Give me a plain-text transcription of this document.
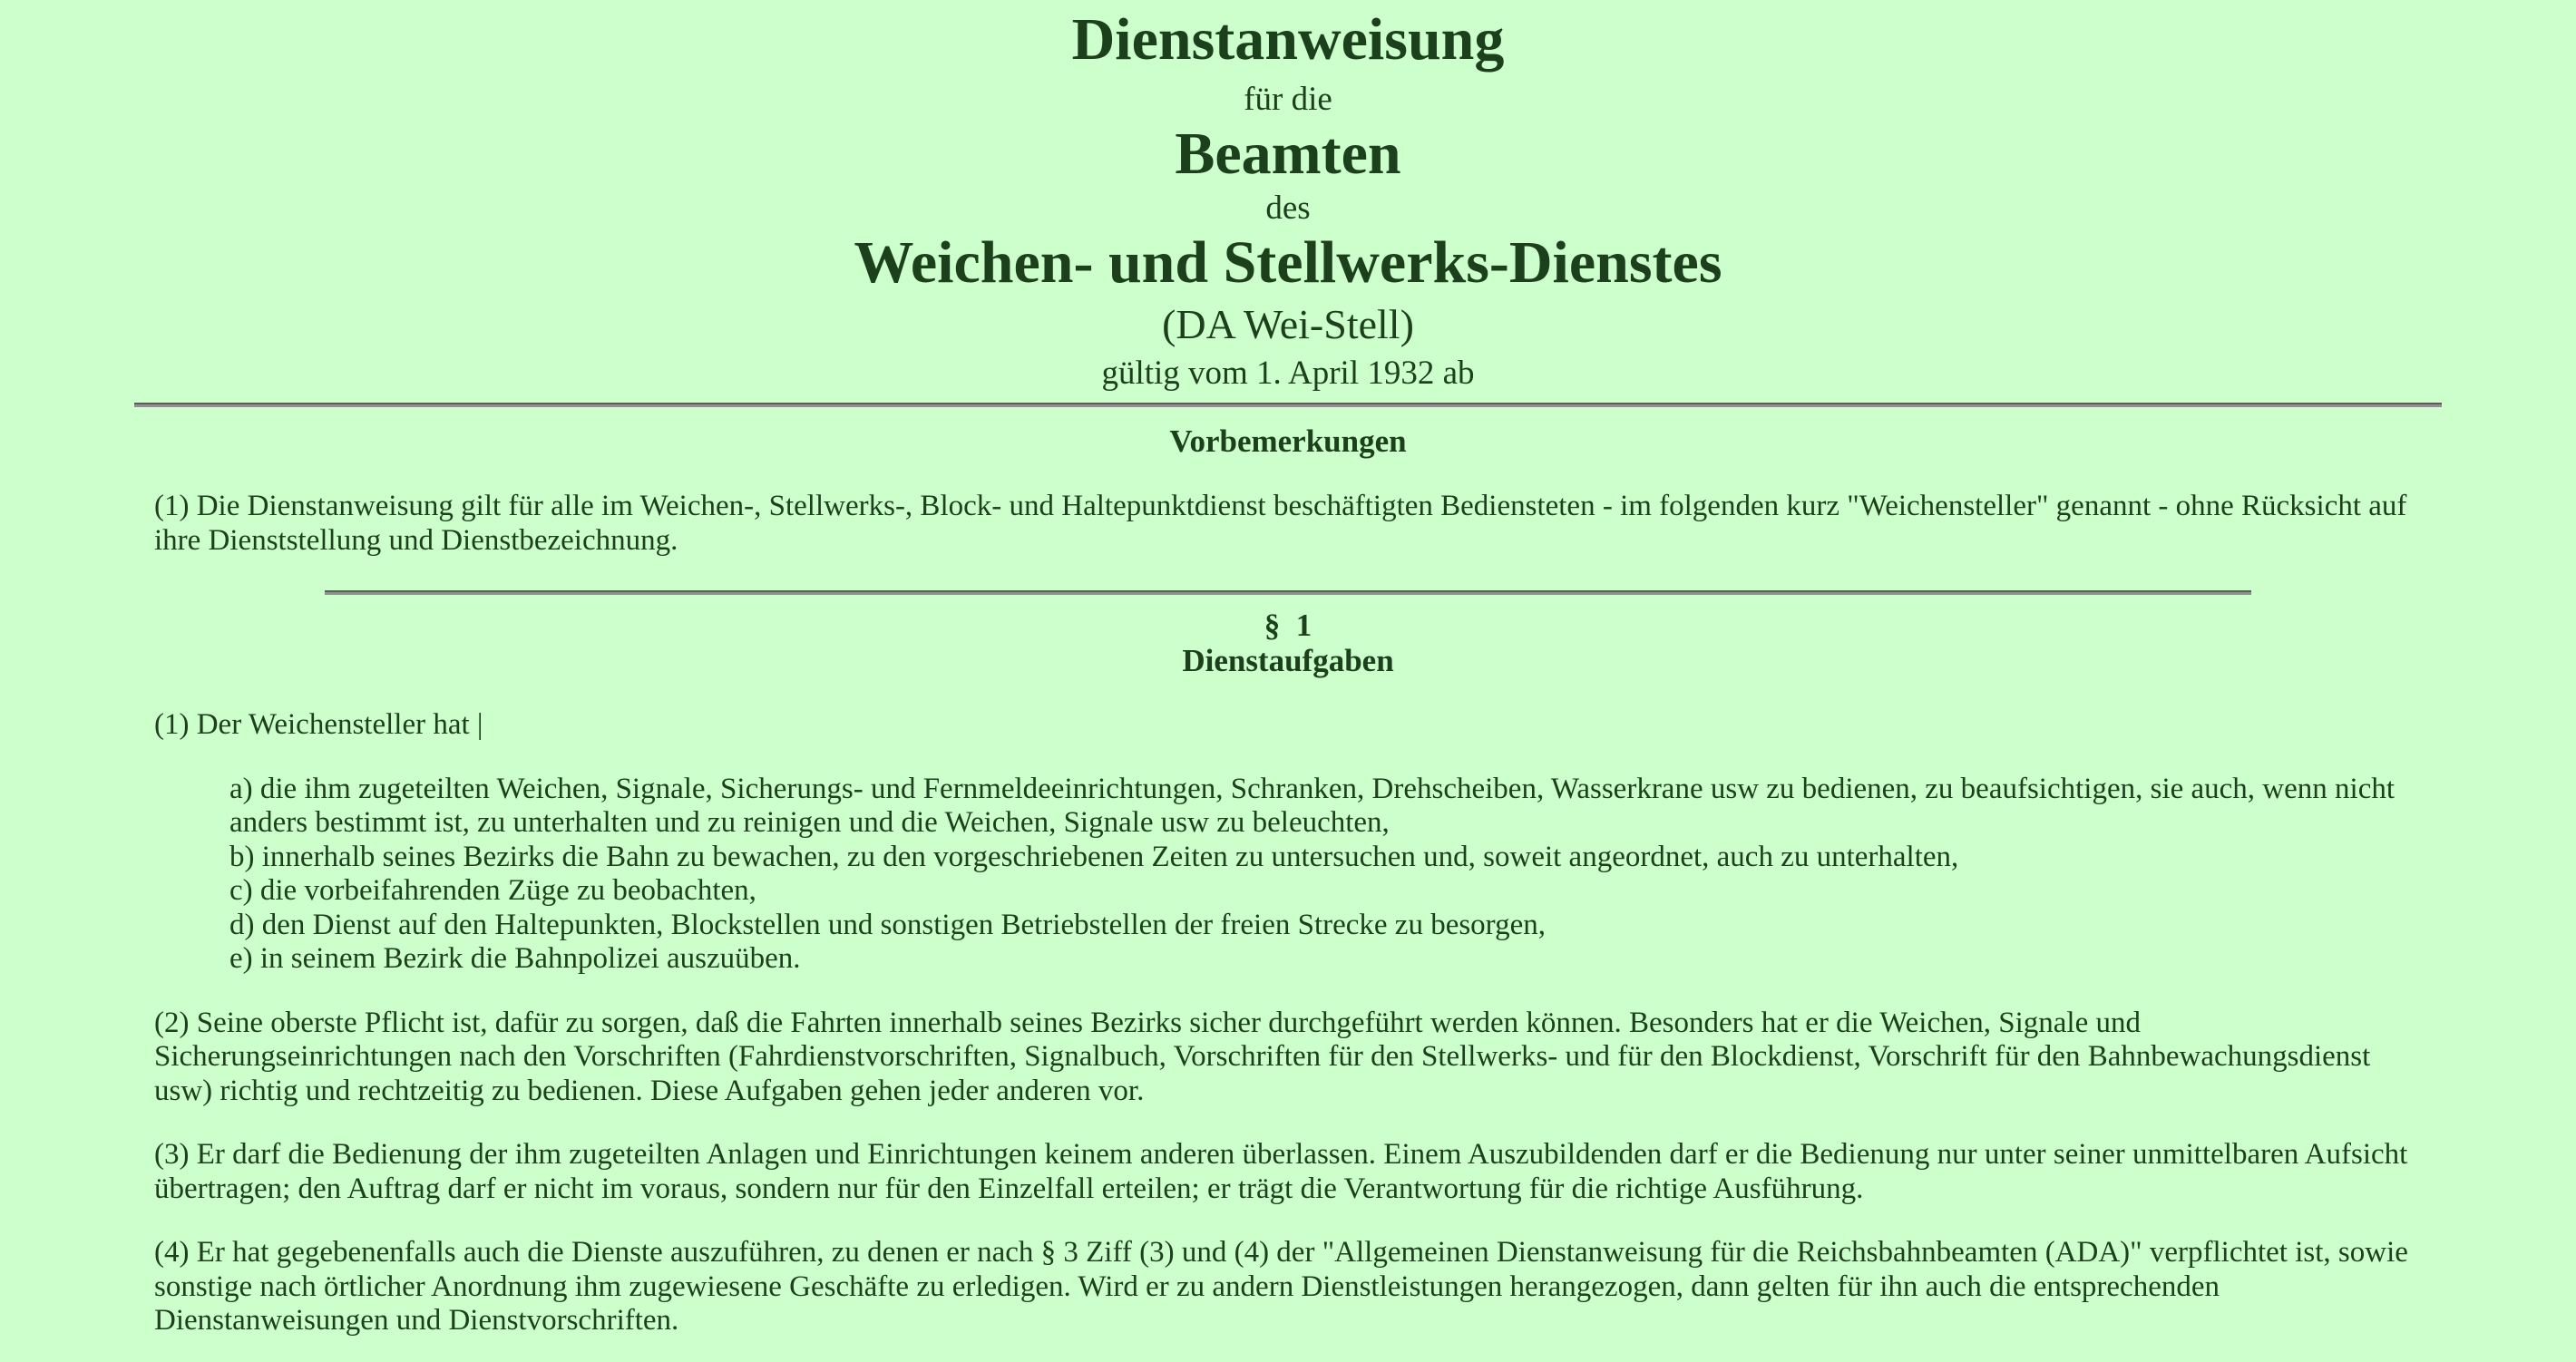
Dienstanweisung
für die
Beamten
des
Weichen- und Stellwerks-Dienstes
(DA Wei-Stell)
gültig vom 1. April 1932 ab
Vorbemerkungen

(1) Die Dienstanweisung gilt für alle im Weichen-, Stellwerks-, Block- und Haltepunktdienst beschäftigten Bediensteten - im folgenden kurz "Weichensteller" genannt - ohne Rücksicht auf ihre Dienststellung und Dienstbezeichnung.

§  1
Dienstaufgaben

(1) Der Weichensteller hat |

a) die ihm zugeteilten Weichen, Signale, Sicherungs- und Fernmeldeeinrichtungen, Schranken, Drehscheiben, Wasserkrane usw zu bedienen, zu beaufsichtigen, sie auch, wenn nicht anders bestimmt ist, zu unterhalten und zu reinigen und die Weichen, Signale usw zu beleuchten,
b) innerhalb seines Bezirks die Bahn zu bewachen, zu den vorgeschriebenen Zeiten zu untersuchen und, soweit angeordnet, auch zu unterhalten,
c) die vorbeifahrenden Züge zu beobachten,
d) den Dienst auf den Haltepunkten, Blockstellen und sonstigen Betriebstellen der freien Strecke zu besorgen,
e) in seinem Bezirk die Bahnpolizei auszuüben.

(2) Seine oberste Pflicht ist, dafür zu sorgen, daß die Fahrten innerhalb seines Bezirks sicher durchgeführt werden können. Besonders hat er die Weichen, Signale und Sicherungseinrichtungen nach den Vorschriften (Fahrdienstvorschriften, Signalbuch, Vorschriften für den Stellwerks- und für den Blockdienst, Vorschrift für den Bahnbewachungsdienst usw) richtig und rechtzeitig zu bedienen. Diese Aufgaben gehen jeder anderen vor.

(3) Er darf die Bedienung der ihm zugeteilten Anlagen und Einrichtungen keinem anderen überlassen. Einem Auszubildenden darf er die Bedienung nur unter seiner unmittelbaren Aufsicht übertragen; den Auftrag darf er nicht im voraus, sondern nur für den Einzelfall erteilen; er trägt die Verantwortung für die richtige Ausführung.

(4) Er hat gegebenenfalls auch die Dienste auszuführen, zu denen er nach § 3 Ziff (3) und (4) der "Allgemeinen Dienstanweisung für die Reichsbahnbeamten (ADA)" verpflichtet ist, sowie sonstige nach örtlicher Anordnung ihm zugewiesene Geschäfte zu erledigen. Wird er zu andern Dienstleistungen herangezogen, dann gelten für ihn auch die entsprechenden Dienstanweisungen und Dienstvorschriften.
